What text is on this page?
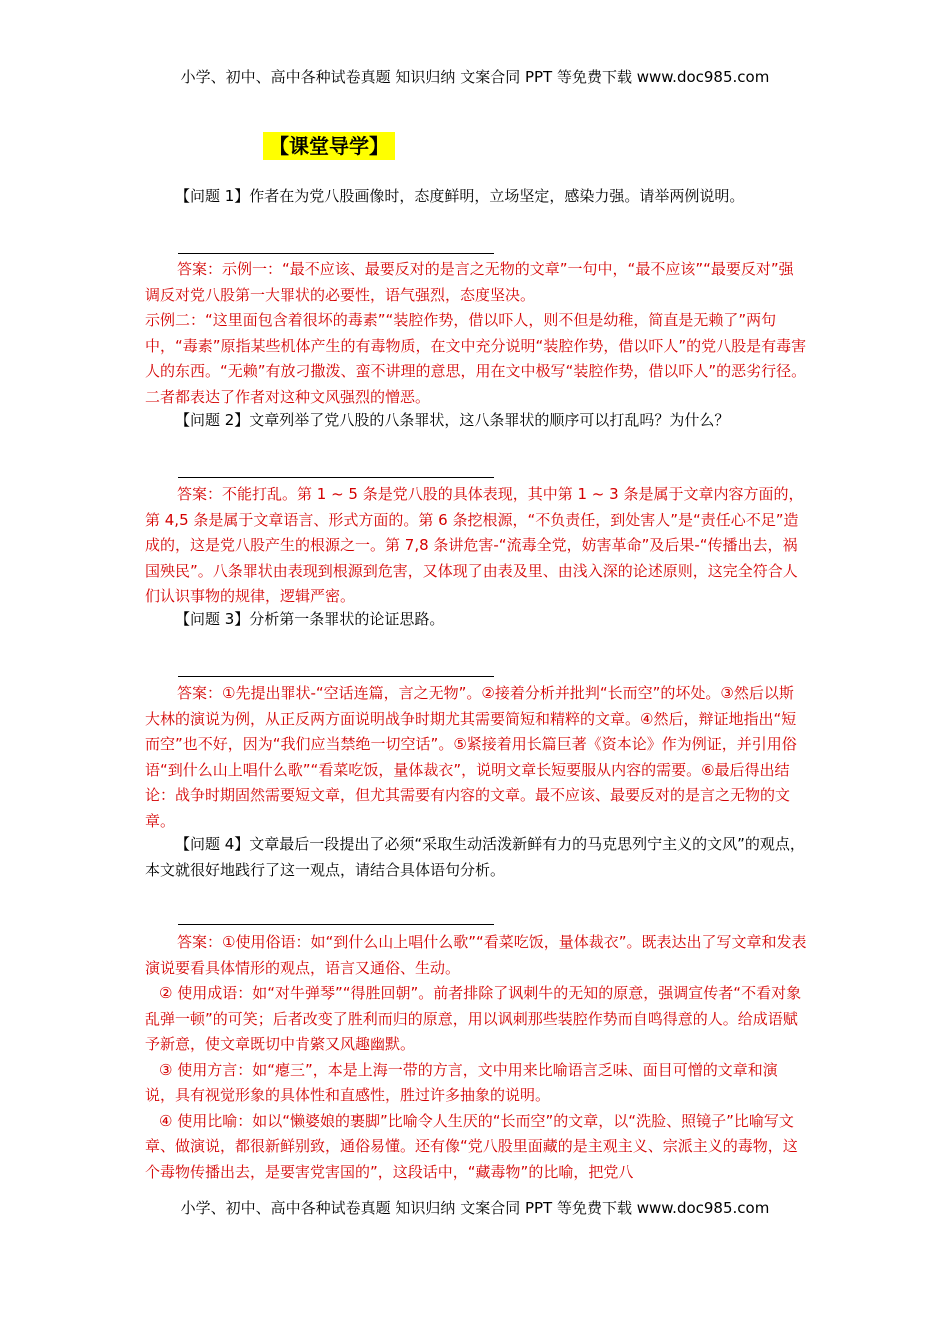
小学、初中、高中各种试卷真题 知识归纳 文案合同 PPT 等免费下载 www.doc985.com
【课堂导学】

【问题 1】作者在为党八股画像时，态度鲜明，立场坚定，感染力强。请举两例说明。

答案：示例一：“最不应该、最要反对的是言之无物的文章”一句中，“最不应该”“最要反对”强调反对党八股第一大罪状的必要性，语气强烈，态度坚决。

示例二：“这里面包含着很坏的毒素”“装腔作势，借以吓人，则不但是幼稚，简直是无赖了”两句中，“毒素”原指某些机体产生的有毒物质，在文中充分说明“装腔作势，借以吓人”的党八股是有毒害人的东西。“无赖”有放刁撒泼、蛮不讲理的意思，用在文中极写“装腔作势，借以吓人”的恶劣行径。二者都表达了作者对这种文风强烈的憎恶。

【问题 2】文章列举了党八股的八条罪状，这八条罪状的顺序可以打乱吗？为什么？

答案：不能打乱。第 1 ~ 5 条是党八股的具体表现，其中第 1 ~ 3 条是属于文章内容方面的，第 4,5 条是属于文章语言、形式方面的。第 6 条挖根源，“不负责任，到处害人”是“责任心不足”造成的，这是党八股产生的根源之一。第 7,8 条讲危害-“流毒全党，妨害革命”及后果-“传播出去，祸国殃民”。八条罪状由表现到根源到危害，又体现了由表及里、由浅入深的论述原则，这完全符合人们认识事物的规律，逻辑严密。

【问题 3】分析第一条罪状的论证思路。

答案：①先提出罪状-“空话连篇，言之无物”。②接着分析并批判“长而空”的坏处。③然后以斯大林的演说为例，从正反两方面说明战争时期尤其需要简短和精粹的文章。④然后，辩证地指出“短而空”也不好，因为“我们应当禁绝一切空话”。⑤紧接着用长篇巨著《资本论》作为例证，并引用俗语“到什么山上唱什么歌”“看菜吃饭，量体裁衣”，说明文章长短要服从内容的需要。⑥最后得出结论：战争时期固然需要短文章，但尤其需要有内容的文章。最不应该、最要反对的是言之无物的文章。

【问题 4】文章最后一段提出了必须“采取生动活泼新鲜有力的马克思列宁主义的文风”的观点，本文就很好地践行了这一观点，请结合具体语句分析。

答案：①使用俗语：如“到什么山上唱什么歌”“看菜吃饭，量体裁衣”。既表达出了写文章和发表演说要看具体情形的观点，语言又通俗、生动。

② 使用成语：如“对牛弹琴”“得胜回朝”。前者排除了讽刺牛的无知的原意，强调宣传者“不看对象乱弹一顿”的可笑；后者改变了胜利而归的原意，用以讽刺那些装腔作势而自鸣得意的人。给成语赋予新意，使文章既切中肯綮又风趣幽默。

③ 使用方言：如“瘪三”，本是上海一带的方言，文中用来比喻语言乏味、面目可憎的文章和演说，具有视觉形象的具体性和直感性，胜过许多抽象的说明。

④ 使用比喻：如以“懒婆娘的裹脚”比喻令人生厌的“长而空”的文章，以“洗脸、照镜子”比喻写文章、做演说，都很新鲜别致，通俗易懂。还有像“党八股里面藏的是主观主义、宗派主义的毒物，这个毒物传播出去，是要害党害国的”，这段话中，“藏毒物”的比喻，把党八

小学、初中、高中各种试卷真题 知识归纳 文案合同 PPT 等免费下载 www.doc985.com
